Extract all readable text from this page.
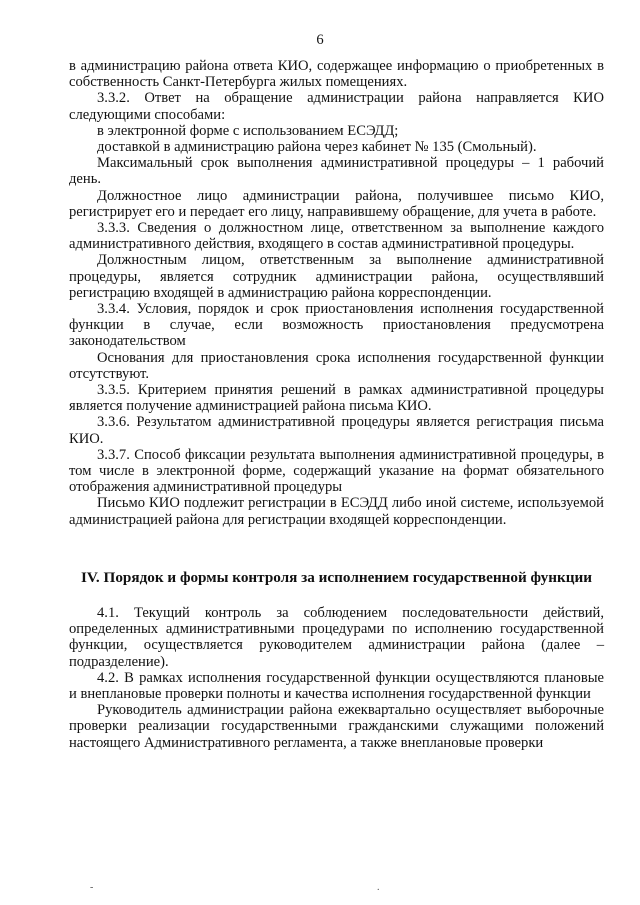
6

в администрацию района ответа КИО, содержащее информацию о приобретенных в собственность Санкт-Петербурга жилых помещениях.

3.3.2. Ответ на обращение администрации района направляется КИО следующими способами:

в электронной форме с использованием ЕСЭДД;

доставкой в администрацию района через кабинет № 135 (Смольный).

Максимальный срок выполнения административной процедуры – 1 рабочий день.

Должностное лицо администрации района, получившее письмо КИО, регистрирует его и передает его лицу, направившему обращение, для учета в работе.

3.3.3. Сведения о должностном лице, ответственном за выполнение каждого административного действия, входящего в состав административной процедуры.

Должностным лицом, ответственным за выполнение административной процедуры, является сотрудник администрации района, осуществлявший регистрацию входящей в администрацию района корреспонденции.

3.3.4. Условия, порядок и срок приостановления исполнения государственной функции в случае, если возможность приостановления предусмотрена законодательством

Основания для приостановления срока исполнения государственной функции отсутствуют.

3.3.5. Критерием принятия решений в рамках административной процедуры является получение администрацией района письма КИО.

3.3.6. Результатом административной процедуры является регистрация письма КИО.

3.3.7. Способ фиксации результата выполнения административной процедуры, в том числе в электронной форме, содержащий указание на формат обязательного отображения административной процедуры

Письмо КИО подлежит регистрации в ЕСЭДД либо иной системе, используемой администрацией района для регистрации входящей корреспонденции.

IV. Порядок и формы контроля за исполнением государственной функции

4.1. Текущий контроль за соблюдением последовательности действий, определенных административными процедурами по исполнению государственной функции, осуществляется руководителем администрации района (далее – подразделение).

4.2. В рамках исполнения государственной функции осуществляются плановые и внеплановые проверки полноты и качества исполнения государственной функции

Руководитель администрации района ежеквартально осуществляет выборочные проверки реализации государственными гражданскими служащими положений настоящего Административного регламента, а также внеплановые проверки

-	.
